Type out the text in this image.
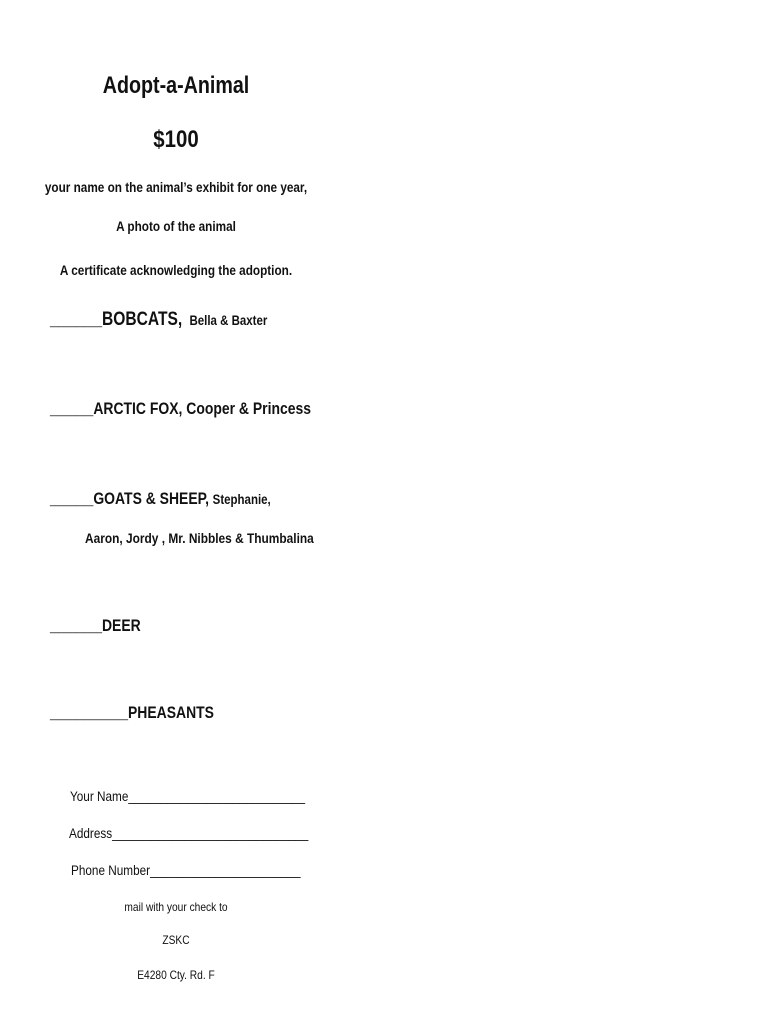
Adopt-a-Animal
$100
your name on the animal’s exhibit for one year,
A photo of the animal
A certificate acknowledging the adoption.
______BOBCATS, Bella & Baxter
_____ARCTIC FOX, Cooper & Princess
_____GOATS & SHEEP, Stephanie,
Aaron, Jordy , Mr. Nibbles & Thumbalina
______DEER
_________PHEASANTS
Your Name___________________________
Address______________________________
Phone Number_______________________
mail with your check to
ZSKC
E4280 Cty. Rd. F
